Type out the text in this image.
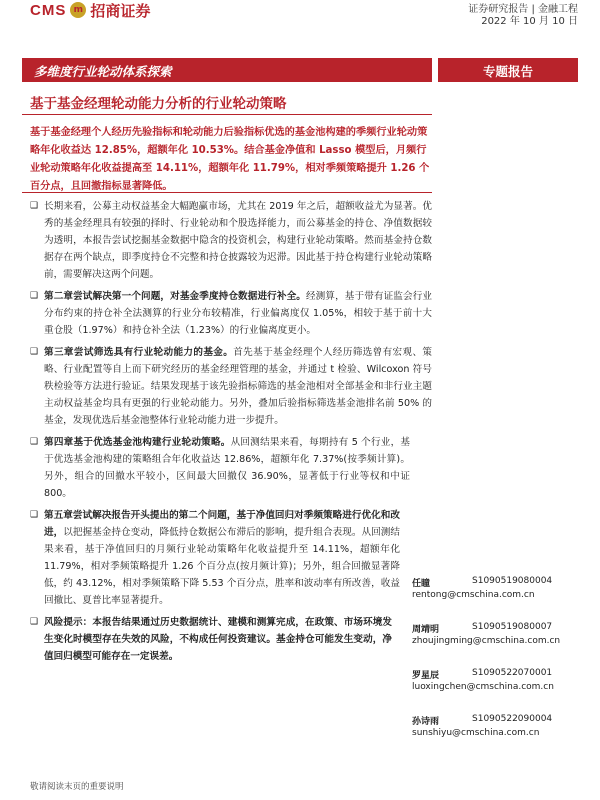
CMS m 招商证券	证券研究报告 | 金融工程
2022 年 10 月 10 日
多维度行业轮动体系探索	专题报告
基于基金经理轮动能力分析的行业轮动策略
基于基金经理个人经历先验指标和轮动能力后验指标优选的基金池构建的季频行业轮动策略年化收益达 12.85%，超额年化 10.53%。结合基金净值和 Lasso 模型后，月频行业轮动策略年化收益提高至 14.11%，超额年化 11.79%，相对季频策略提升 1.26 个百分点，且回撤指标显著降低。
❑ 长期来看，公募主动权益基金大幅跑赢市场，尤其在 2019 年之后，超额收益尤为显著。优秀的基金经理具有较强的择时、行业轮动和个股选择能力，而公募基金的持仓、净值数据较为透明，本报告尝试挖掘基金数据中隐含的投资机会，构建行业轮动策略。然而基金持仓数据存在两个缺点，即季度持仓不完整和持仓披露较为迟滞。因此基于持仓构建行业轮动策略前，需要解决这两个问题。
❑ 第二章尝试解决第一个问题，对基金季度持仓数据进行补全。经测算，基于带有证监会行业分布约束的持仓补全法测算的行业分布较精准，行业偏离度仅 1.05%，相较于基于前十大重仓股（1.97%）和持仓补全法（1.23%）的行业偏离度更小。
❑ 第三章尝试筛选具有行业轮动能力的基金。首先基于基金经理个人经历筛选曾有宏观、策略、行业配置等自上而下研究经历的基金经理管理的基金，并通过 t 检验、Wilcoxon 符号秩检验等方法进行验证。结果发现基于该先验指标筛选的基金池相对全部基金和非行业主题主动权益基金均具有更强的行业轮动能力。另外，叠加后验指标筛选基金池排名前 50% 的基金，发现优选后基金池整体行业轮动能力进一步提升。
❑ 第四章基于优选基金池构建行业轮动策略。从回测结果来看，每期持有 5 个行业，基于优选基金池构建的策略组合年化收益达 12.86%，超额年化 7.37%(按季频计算)。另外，组合的回撤水平较小，区间最大回撤仅 36.90%，显著低于行业等权和中证 800。
❑ 第五章尝试解决报告开头提出的第二个问题，基于净值回归对季频策略进行优化和改进，以把握基金持仓变动，降低持仓数据公布滞后的影响，提升组合表现。从回测结果来看，基于净值回归的月频行业轮动策略年化收益提升至 14.11%，超额年化 11.79%，相对季频策略提升 1.26 个百分点(按月频计算)；另外，组合回撤显著降低，约 43.12%，相对季频策略下降 5.53 个百分点，胜率和波动率有所改善，收益回撤比、夏普比率显著提升。
❑ 风险提示：本报告结果通过历史数据统计、建模和测算完成，在政策、市场环境发生变化时模型存在失效的风险，不构成任何投资建议。基金持仓可能发生变动，净值回归模型可能存在一定误差。
任瞳	S1090519080004
rentong@cmschina.com.cn
周靖明	S1090519080007
zhoujingming@cmschina.com.cn
罗星辰	S1090522070001
luoxingchen@cmschina.com.cn
孙诗雨	S1090522090004
sunshiyu@cmschina.com.cn
敬请阅读末页的重要说明
